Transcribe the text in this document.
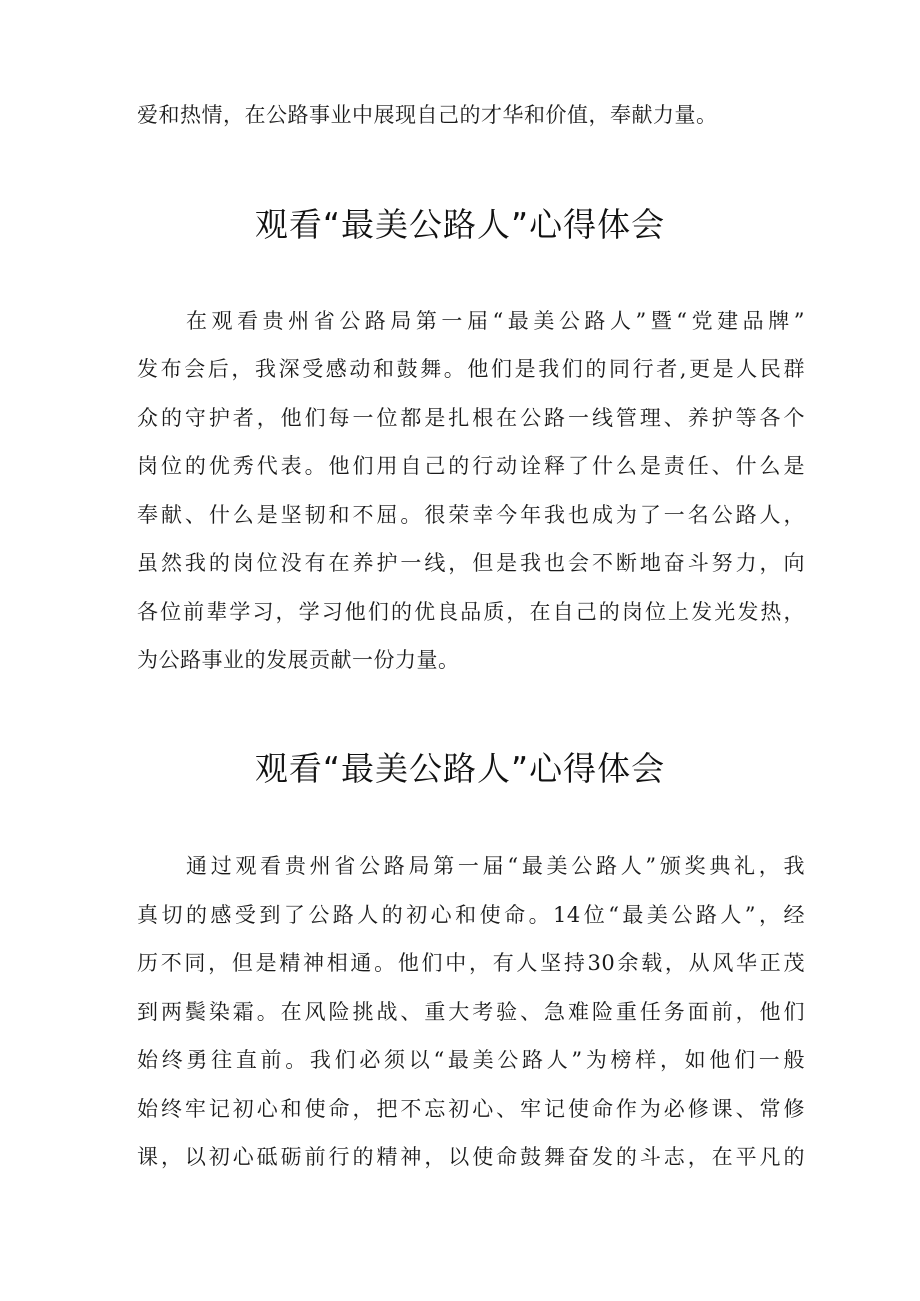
爱和热情，在公路事业中展现自己的才华和价值，奉献力量。
观看“最美公路人”心得体会
在观看贵州省公路局第一届“最美公路人”暨“党建品牌”
发布会后，我深受感动和鼓舞。他们是我们的同行者,更是人民群
众的守护者，他们每一位都是扎根在公路一线管理、养护等各个
岗位的优秀代表。他们用自己的行动诠释了什么是责任、什么是
奉献、什么是坚韧和不屈。很荣幸今年我也成为了一名公路人，
虽然我的岗位没有在养护一线，但是我也会不断地奋斗努力，向
各位前辈学习，学习他们的优良品质，在自己的岗位上发光发热，
为公路事业的发展贡献一份力量。
观看“最美公路人”心得体会
通过观看贵州省公路局第一届“最美公路人”颁奖典礼，我
真切的感受到了公路人的初心和使命。14位“最美公路人”，经
历不同，但是精神相通。他们中，有人坚持30余载，从风华正茂
到两鬓染霜。在风险挑战、重大考验、急难险重任务面前，他们
始终勇往直前。我们必须以“最美公路人”为榜样，如他们一般
始终牢记初心和使命，把不忘初心、牢记使命作为必修课、常修
课，以初心砥砺前行的精神，以使命鼓舞奋发的斗志，在平凡的
